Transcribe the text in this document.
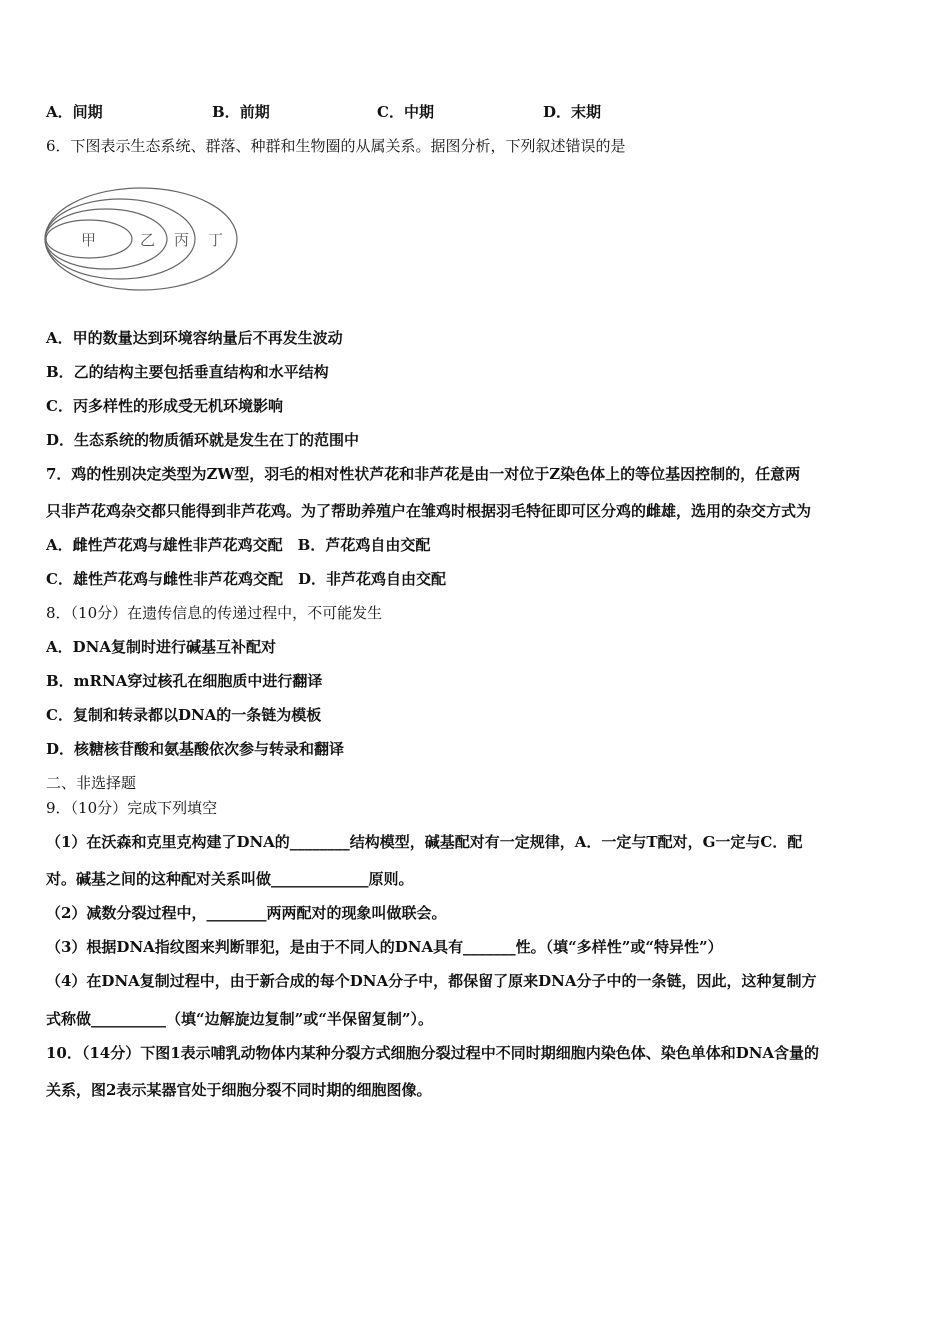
A．间期	B．前期	C．中期	D．末期
6．下图表示生态系统、群落、种群和生物圈的从属关系。据图分析，下列叙述错误的是
甲	乙 丙 丁
A．甲的数量达到环境容纳量后不再发生波动
B．乙的结构主要包括垂直结构和水平结构
C．丙多样性的形成受无机环境影响
D．生态系统的物质循环就是发生在丁的范围中
7．鸡的性别决定类型为ZW型，羽毛的相对性状芦花和非芦花是由一对位于Z染色体上的等位基因控制的，任意两
只非芦花鸡杂交都只能得到非芦花鸡。为了帮助养殖户在雏鸡时根据羽毛特征即可区分鸡的雌雄，选用的杂交方式为
A．雌性芦花鸡与雄性非芦花鸡交配　B．芦花鸡自由交配
C．雄性芦花鸡与雌性非芦花鸡交配　D．非芦花鸡自由交配
8．（10分）在遗传信息的传递过程中，不可能发生
A．DNA复制时进行碱基互补配对
B．mRNA穿过核孔在细胞质中进行翻译
C．复制和转录都以DNA的一条链为模板
D．核糖核苷酸和氨基酸依次参与转录和翻译
二、非选择题
9．（10分）完成下列填空
（1）在沃森和克里克构建了DNA的________结构模型，碱基配对有一定规律，A．一定与T配对，G一定与C．配
对。碱基之间的这种配对关系叫做_____________原则。
（2）减数分裂过程中，________两两配对的现象叫做联会。
（3）根据DNA指纹图来判断罪犯，是由于不同人的DNA具有_______性。（填“多样性”或“特异性”）
（4）在DNA复制过程中，由于新合成的每个DNA分子中，都保留了原来DNA分子中的一条链，因此，这种复制方
式称做__________（填“边解旋边复制”或“半保留复制”）。
10．（14分）下图1表示哺乳动物体内某种分裂方式细胞分裂过程中不同时期细胞内染色体、染色单体和DNA含量的
关系，图2表示某器官处于细胞分裂不同时期的细胞图像。
